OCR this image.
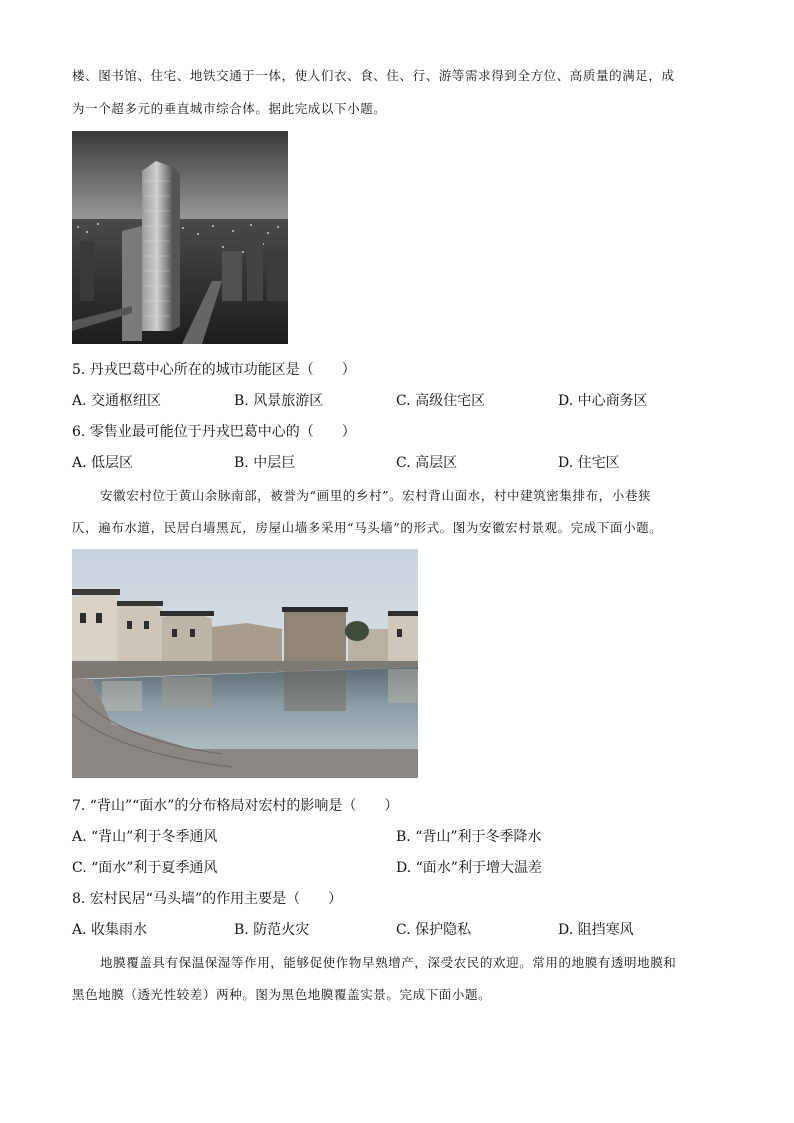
楼、图书馆、住宅、地铁交通于一体，使人们衣、食、住、行、游等需求得到全方位、高质量的满足，成
为一个超多元的垂直城市综合体。据此完成以下小题。
5. 丹戎巴葛中心所在的城市功能区是（　　）
A. 交通枢纽区	B. 风景旅游区	C. 高级住宅区	D. 中心商务区
6. 零售业最可能位于丹戎巴葛中心的（　　）
A. 低层区	B. 中层巨	C. 高层区	D. 住宅区
安徽宏村位于黄山余脉南部，被誉为“画里的乡村”。宏村背山面水，村中建筑密集排布，小巷狭
仄，遍布水道，民居白墙黑瓦，房屋山墙多采用“马头墙”的形式。图为安徽宏村景观。完成下面小题。
7. “背山”“面水”的分布格局对宏村的影响是（　　）
A. “背山”利于冬季通风	B. “背山”利于冬季降水
C. “面水”利于夏季通风	D. “面水”利于增大温差
8. 宏村民居“马头墙”的作用主要是（　　）
A. 收集雨水	B. 防范火灾	C. 保护隐私	D. 阻挡寒风
地膜覆盖具有保温保湿等作用，能够促使作物早熟增产，深受农民的欢迎。常用的地膜有透明地膜和
黑色地膜（透光性较差）两种。图为黑色地膜覆盖实景。完成下面小题。
